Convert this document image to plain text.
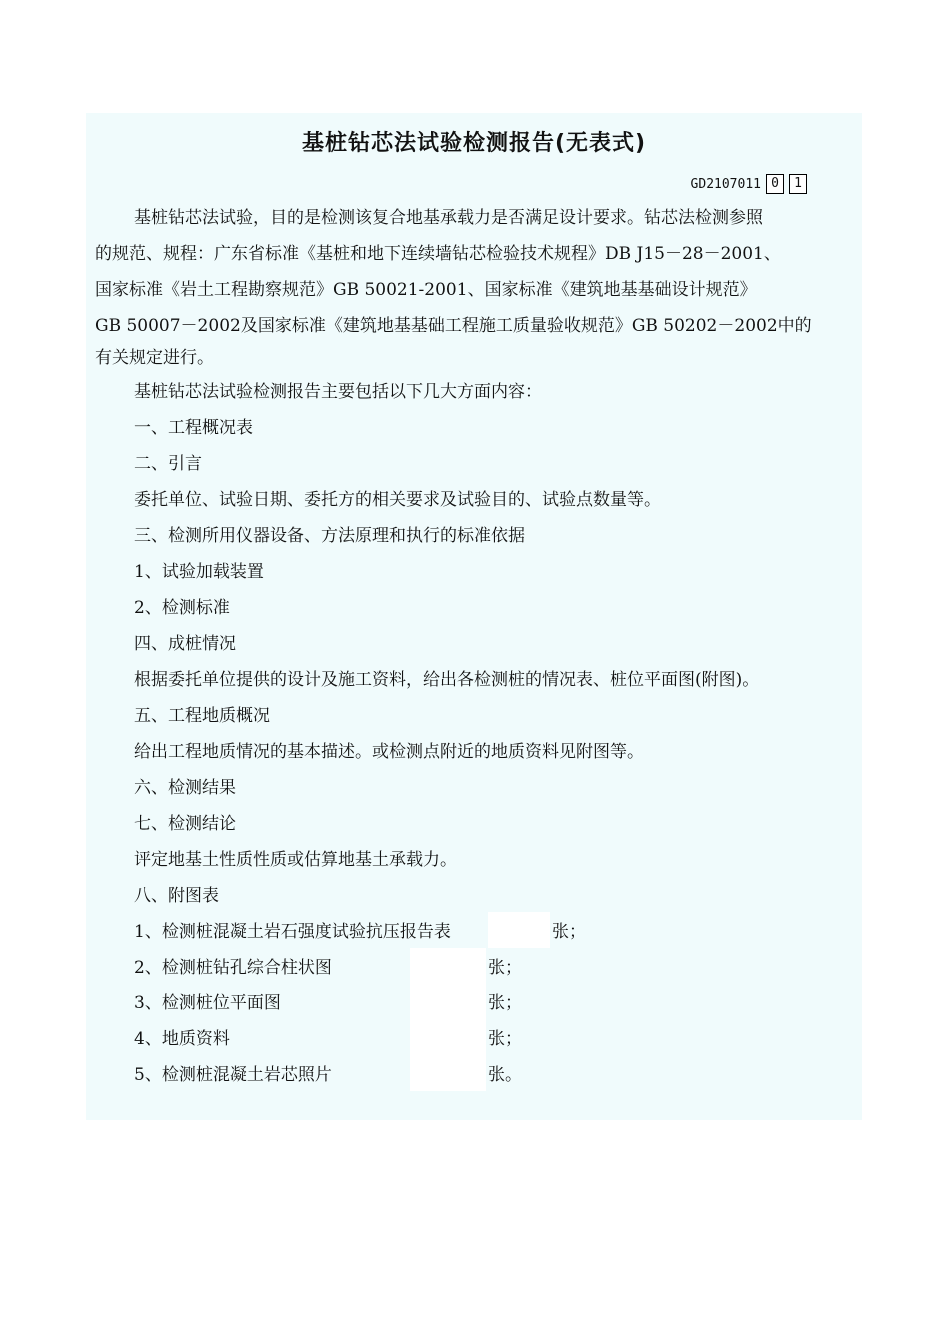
基桩钻芯法试验检测报告(无表式)
GD2107011 0	1
基桩钻芯法试验，目的是检测该复合地基承载力是否满足设计要求。钻芯法检测参照
的规范、规程：广东省标准《基桩和地下连续墙钻芯检验技术规程》DB J15－28－2001、
国家标准《岩土工程勘察规范》GB 50021-2001、国家标准《建筑地基基础设计规范》
GB 50007－2002及国家标准《建筑地基基础工程施工质量验收规范》GB 50202－2002中的
有关规定进行。
基桩钻芯法试验检测报告主要包括以下几大方面内容：
一、工程概况表
二、引言
委托单位、试验日期、委托方的相关要求及试验目的、试验点数量等。
三、检测所用仪器设备、方法原理和执行的标准依据
1、试验加载装置
2、检测标准
四、成桩情况
根据委托单位提供的设计及施工资料，给出各检测桩的情况表、桩位平面图(附图)。
五、工程地质概况
给出工程地质情况的基本描述。或检测点附近的地质资料见附图等。
六、检测结果
七、检测结论
评定地基土性质性质或估算地基土承载力。
八、附图表
1、检测桩混凝土岩石强度试验抗压报告表	张；
2、检测桩钻孔综合柱状图	张；
3、检测桩位平面图	张；
4、地质资料	张；
5、检测桩混凝土岩芯照片	张。
